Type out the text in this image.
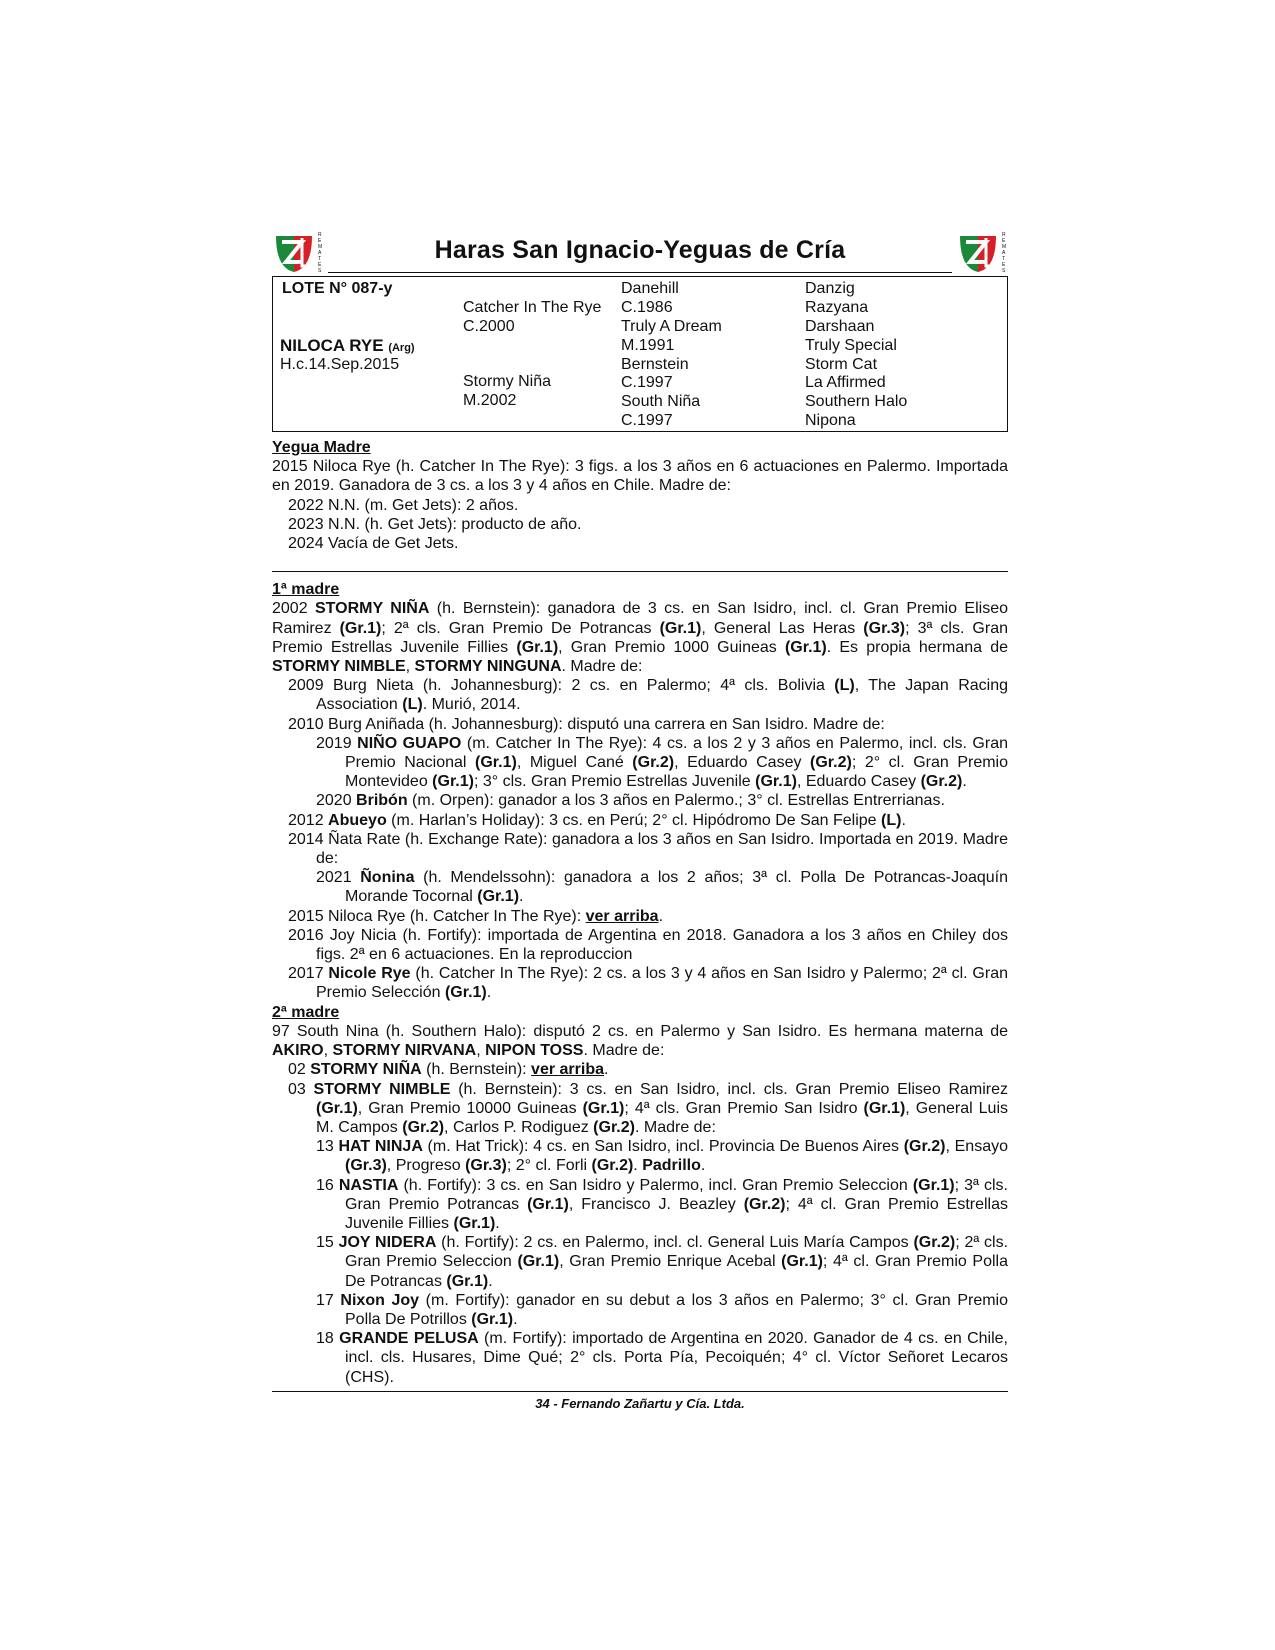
R
E
M
A
T
E
S
Haras San Ignacio-Yeguas de Cría
R
E
M
A
T
E
S
LOTE N° 087-y
NILOCA RYE (Arg)
H.c.14.Sep.2015
Catcher In The Rye
C.2000
Stormy Niña
M.2002
Danehill
C.1986
Truly A Dream
M.1991
Bernstein
C.1997
South Niña
C.1997
Danzig
Razyana
Darshaan
Truly Special
Storm Cat
La Affirmed
Southern Halo
Nipona
Yegua Madre

2015 Niloca Rye (h. Catcher In The Rye): 3 figs. a los 3 años en 6 actuaciones en Palermo. Importada en 2019. Ganadora de 3 cs. a los 3 y 4 años en Chile. Madre de:

2022 N.N. (m. Get Jets): 2 años.

2023 N.N. (h. Get Jets): producto de año.

2024 Vacía de Get Jets.

1ª madre

2002 STORMY NIÑA (h. Bernstein): ganadora de 3 cs. en San Isidro, incl. cl. Gran Premio Eliseo Ramirez (Gr.1); 2ª cls. Gran Premio De Potrancas (Gr.1), General Las Heras (Gr.3); 3ª cls. Gran Premio Estrellas Juvenile Fillies (Gr.1), Gran Premio 1000 Guineas (Gr.1). Es propia hermana de STORMY NIMBLE, STORMY NINGUNA. Madre de:

2009 Burg Nieta (h. Johannesburg): 2 cs. en Palermo; 4ª cls. Bolivia (L), The Japan Racing Association (L). Murió, 2014.

2010 Burg Aniñada (h. Johannesburg): disputó una carrera en San Isidro. Madre de:

2019 NIÑO GUAPO (m. Catcher In The Rye): 4 cs. a los 2 y 3 años en Palermo, incl. cls. Gran Premio Nacional (Gr.1), Miguel Cané (Gr.2), Eduardo Casey (Gr.2); 2° cl. Gran Premio Montevideo (Gr.1); 3° cls. Gran Premio Estrellas Juvenile (Gr.1), Eduardo Casey (Gr.2).

2020 Bribón (m. Orpen): ganador a los 3 años en Palermo.; 3° cl. Estrellas Entrerrianas.

2012 Abueyo (m. Harlan’s Holiday): 3 cs. en Perú; 2° cl. Hipódromo De San Felipe (L).

2014 Ñata Rate (h. Exchange Rate): ganadora a los 3 años en San Isidro. Importada en 2019. Madre de:

2021 Ñonina (h. Mendelssohn): ganadora a los 2 años; 3ª cl. Polla De Potrancas-Joaquín Morande Tocornal (Gr.1).

2015 Niloca Rye (h. Catcher In The Rye): ver arriba.

2016 Joy Nicia (h. Fortify): importada de Argentina en 2018. Ganadora a los 3 años en Chiley dos figs. 2ª en 6 actuaciones. En la reproduccion

2017 Nicole Rye (h. Catcher In The Rye): 2 cs. a los 3 y 4 años en San Isidro y Palermo; 2ª cl. Gran Premio Selección (Gr.1).

2ª madre

97 South Nina (h. Southern Halo): disputó 2 cs. en Palermo y San Isidro. Es hermana materna de AKIRO, STORMY NIRVANA, NIPON TOSS. Madre de:

02 STORMY NIÑA (h. Bernstein): ver arriba.

03 STORMY NIMBLE (h. Bernstein): 3 cs. en San Isidro, incl. cls. Gran Premio Eliseo Ramirez (Gr.1), Gran Premio 10000 Guineas (Gr.1); 4ª cls. Gran Premio San Isidro (Gr.1), General Luis M. Campos (Gr.2), Carlos P. Rodiguez (Gr.2). Madre de:

13 HAT NINJA (m. Hat Trick): 4 cs. en San Isidro, incl. Provincia De Buenos Aires (Gr.2), Ensayo (Gr.3), Progreso (Gr.3); 2° cl. Forli (Gr.2). Padrillo.

16 NASTIA (h. Fortify): 3 cs. en San Isidro y Palermo, incl. Gran Premio Seleccion (Gr.1); 3ª cls. Gran Premio Potrancas (Gr.1), Francisco J. Beazley (Gr.2); 4ª cl. Gran Premio Estrellas Juvenile Fillies (Gr.1).

15 JOY NIDERA (h. Fortify): 2 cs. en Palermo, incl. cl. General Luis María Campos (Gr.2); 2ª cls. Gran Premio Seleccion (Gr.1), Gran Premio Enrique Acebal (Gr.1); 4ª cl. Gran Premio Polla De Potrancas (Gr.1).

17 Nixon Joy (m. Fortify): ganador en su debut a los 3 años en Palermo; 3° cl. Gran Premio Polla De Potrillos (Gr.1).

18 GRANDE PELUSA (m. Fortify): importado de Argentina en 2020. Ganador de 4 cs. en Chile, incl. cls. Husares, Dime Qué; 2° cls. Porta Pía, Pecoiquén; 4° cl. Víctor Señoret Lecaros (CHS).

34 - Fernando Zañartu y Cía. Ltda.
